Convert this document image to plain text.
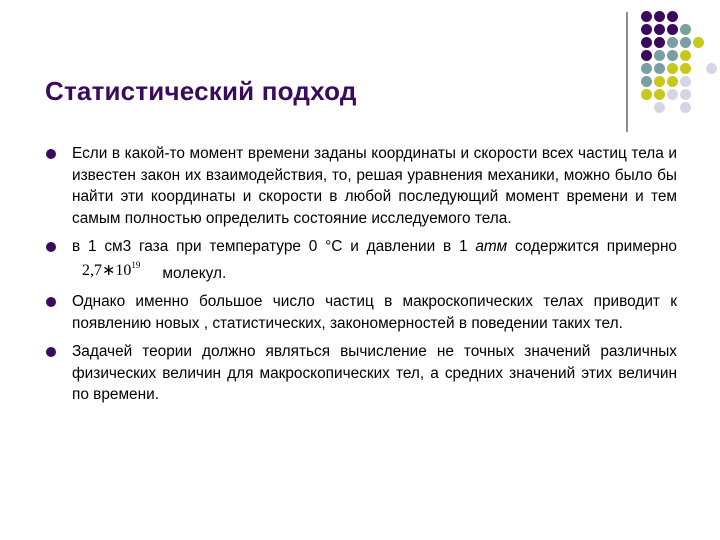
Статистический подход
Если в какой-то момент времени заданы координаты и скорости всех частиц тела и известен закон их взаимодействия, то, решая уравнения механики, можно было бы найти эти координаты и скорости в любой последующий момент времени и тем самым полностью определить состояние исследуемого тела.
в 1 см3 газа при температуре 0 °С и давлении в 1 атм содержится примерно $2,7∗10^{19}$ молекул.
Однако именно большое число частиц в макроскопических телах приводит к появлению новых , статистических, закономерностей в поведении таких тел.
Задачей теории должно являться вычисление не точных значений различных физических величин для макроскопических тел, а средних значений этих величин по времени.
